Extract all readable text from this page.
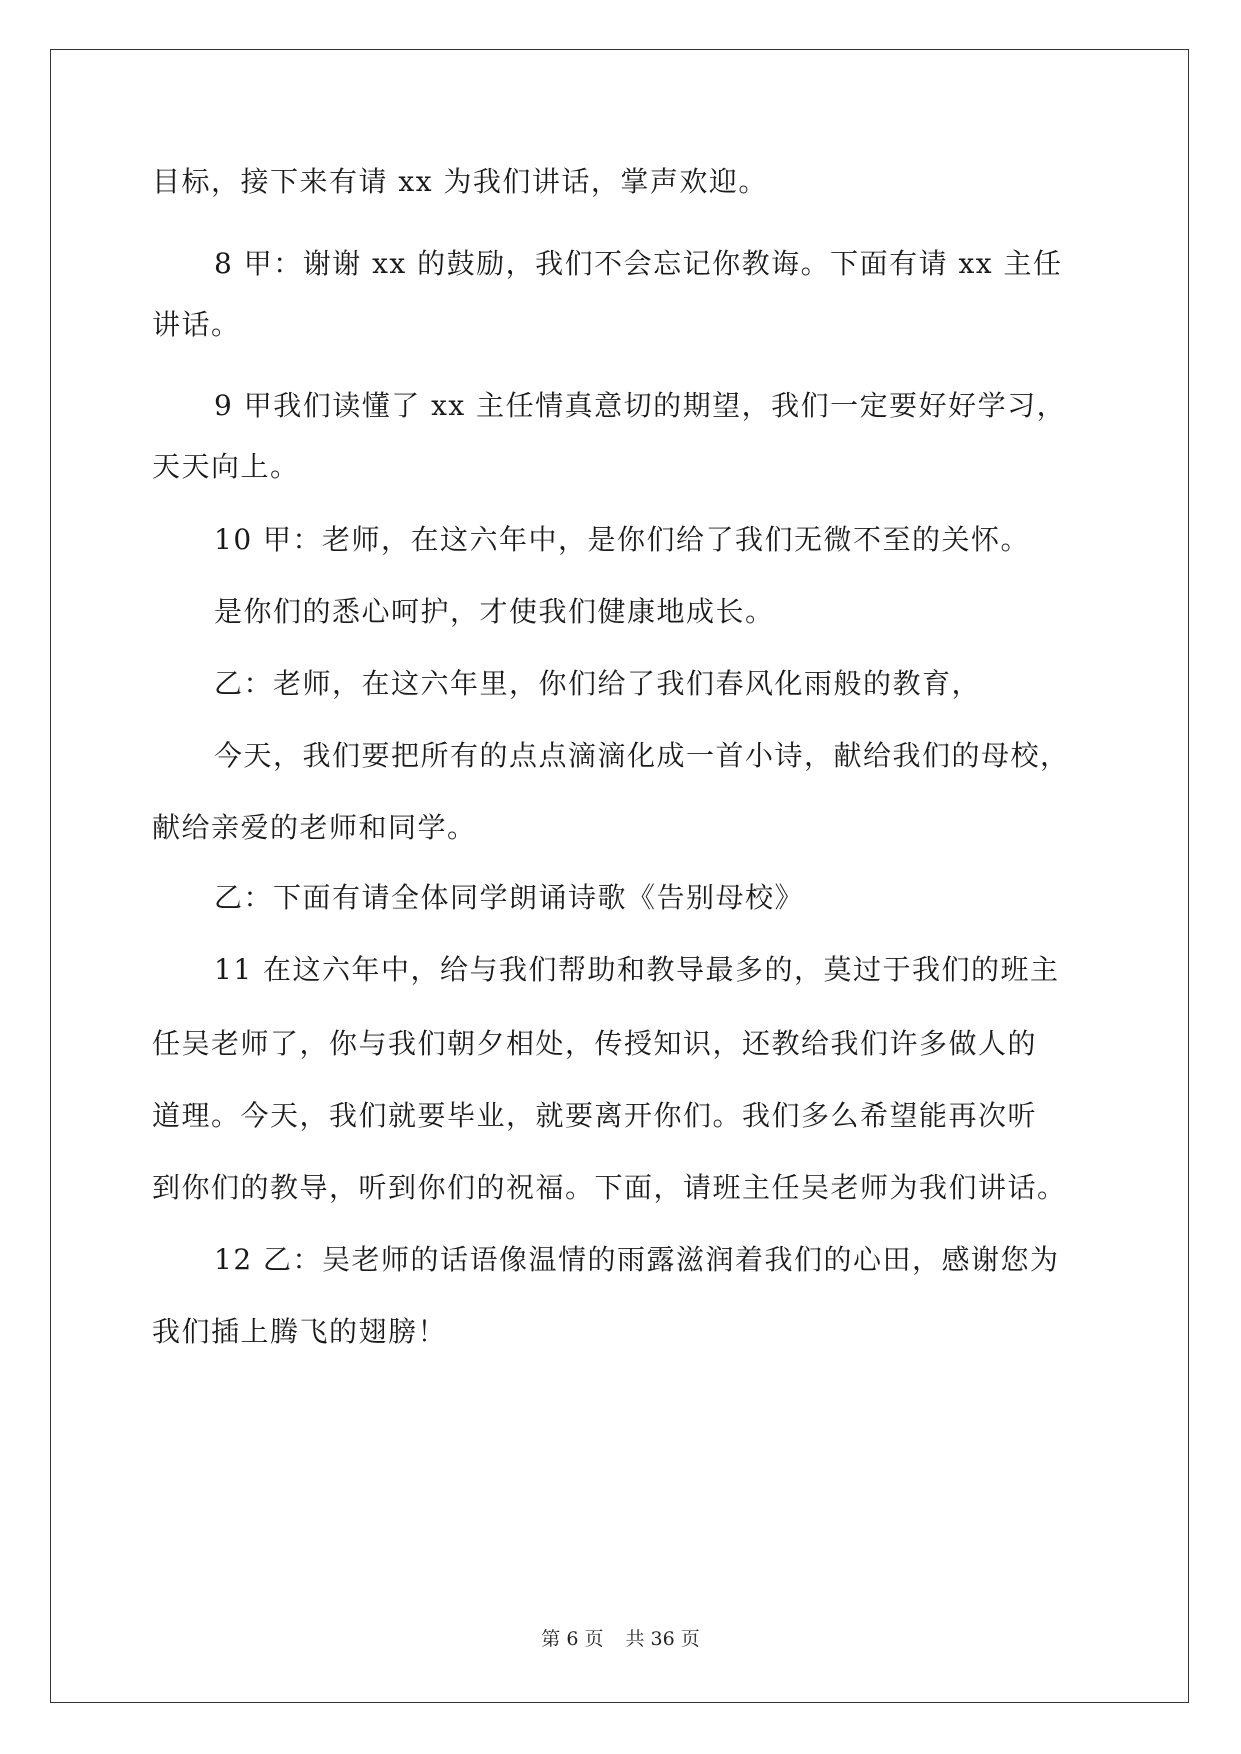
目标，接下来有请 xx 为我们讲话，掌声欢迎。
8 甲：谢谢 xx 的鼓励，我们不会忘记你教诲。下面有请 xx 主任
讲话。
9 甲我们读懂了 xx 主任情真意切的期望，我们一定要好好学习，
天天向上。
10 甲：老师，在这六年中，是你们给了我们无微不至的关怀。
是你们的悉心呵护，才使我们健康地成长。
乙：老师，在这六年里，你们给了我们春风化雨般的教育，
今天，我们要把所有的点点滴滴化成一首小诗，献给我们的母校，
献给亲爱的老师和同学。
乙：下面有请全体同学朗诵诗歌《告别母校》
11 在这六年中，给与我们帮助和教导最多的，莫过于我们的班主
任吴老师了，你与我们朝夕相处，传授知识，还教给我们许多做人的
道理。今天，我们就要毕业，就要离开你们。我们多么希望能再次听
到你们的教导，听到你们的祝福。下面，请班主任吴老师为我们讲话。
12 乙：吴老师的话语像温情的雨露滋润着我们的心田，感谢您为
我们插上腾飞的翅膀！
第 6 页 共 36 页
